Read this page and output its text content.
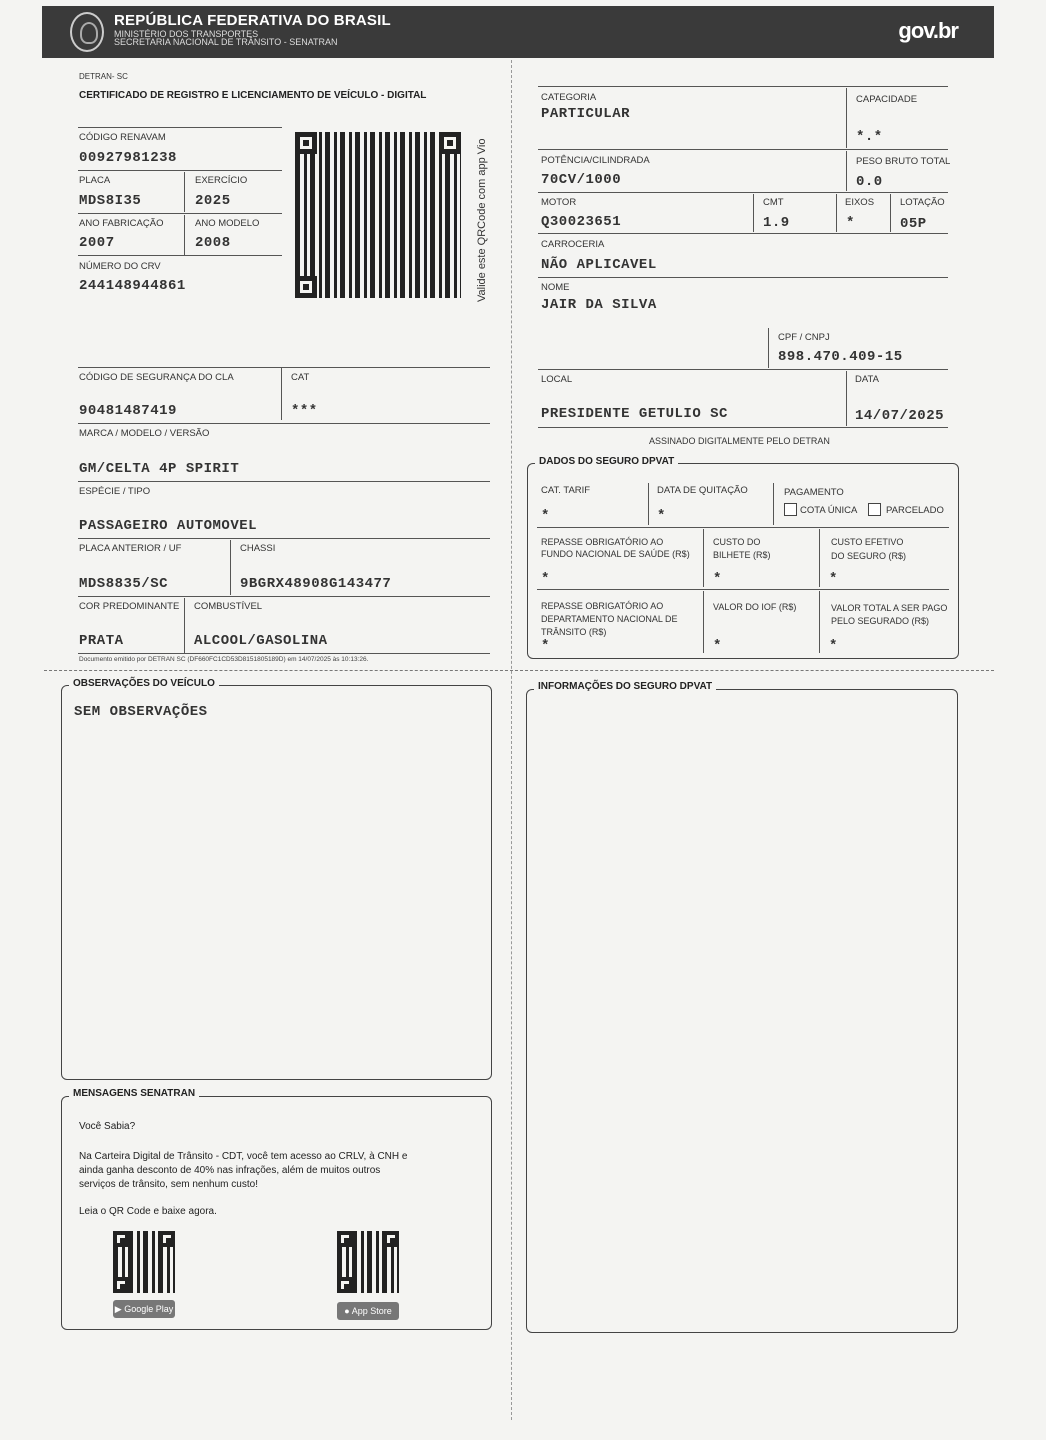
REPÚBLICA FEDERATIVA DO BRASIL
MINISTÉRIO DOS TRANSPORTES
SECRETARIA NACIONAL DE TRÂNSITO - SENATRAN	gov.br
DETRAN- SC
CERTIFICADO DE REGISTRO E LICENCIAMENTO DE VEÍCULO - DIGITAL
CÓDIGO RENAVAM
00927981238
PLACA
MDS8I35
EXERCÍCIO
2025
ANO FABRICAÇÃO
2007
ANO MODELO
2008
NÚMERO DO CRV
244148944861	Valide este QRCode com app Vio
CÓDIGO DE SEGURANÇA DO CLA
90481487419
CAT
***
MARCA / MODELO / VERSÃO
GM/CELTA 4P SPIRIT
ESPÉCIE / TIPO
PASSAGEIRO AUTOMOVEL
PLACA ANTERIOR / UF
MDS8835/SC
CHASSI
9BGRX48908G143477
COR PREDOMINANTE
PRATA
COMBUSTÍVEL
ALCOOL/GASOLINA
Documento emitido por DETRAN SC (DF660FC1CD53D8151805189D) em 14/07/2025 às 10:13:26.
CATEGORIA
PARTICULAR
CAPACIDADE
*.*
POTÊNCIA/CILINDRADA
70CV/1000
PESO BRUTO TOTAL
0.0
MOTOR
Q30023651
CMT
1.9
EIXOS
*
LOTAÇÃO
05P
CARROCERIA
NÃO APLICAVEL
NOME
JAIR DA SILVA
CPF / CNPJ
898.470.409-15
LOCAL
PRESIDENTE GETULIO SC
DATA
14/07/2025
ASSINADO DIGITALMENTE PELO DETRAN
DADOS DO SEGURO DPVAT
CAT. TARIF
*
DATA DE QUITAÇÃO
*
PAGAMENTO
COTA ÚNICA	PARCELADO
REPASSE OBRIGATÓRIO AO
FUNDO NACIONAL DE SAÚDE (R$)
*
CUSTO DO
BILHETE (R$)
*
CUSTO EFETIVO
DO SEGURO (R$)
*
REPASSE OBRIGATÓRIO AO
DEPARTAMENTO NACIONAL DE
TRÂNSITO (R$)
*
VALOR DO IOF (R$)
*
VALOR TOTAL A SER PAGO
PELO SEGURADO (R$)
*
OBSERVAÇÕES DO VEÍCULO
SEM OBSERVAÇÕES
INFORMAÇÕES DO SEGURO DPVAT
MENSAGENS SENATRAN
Você Sabia?
Na Carteira Digital de Trânsito - CDT, você tem acesso ao CRLV, à CNH e
ainda ganha desconto de 40% nas infrações, além de muitos outros
serviços de trânsito, sem nenhum custo!
Leia o QR Code e baixe agora.
▶ Google Play	● App Store
